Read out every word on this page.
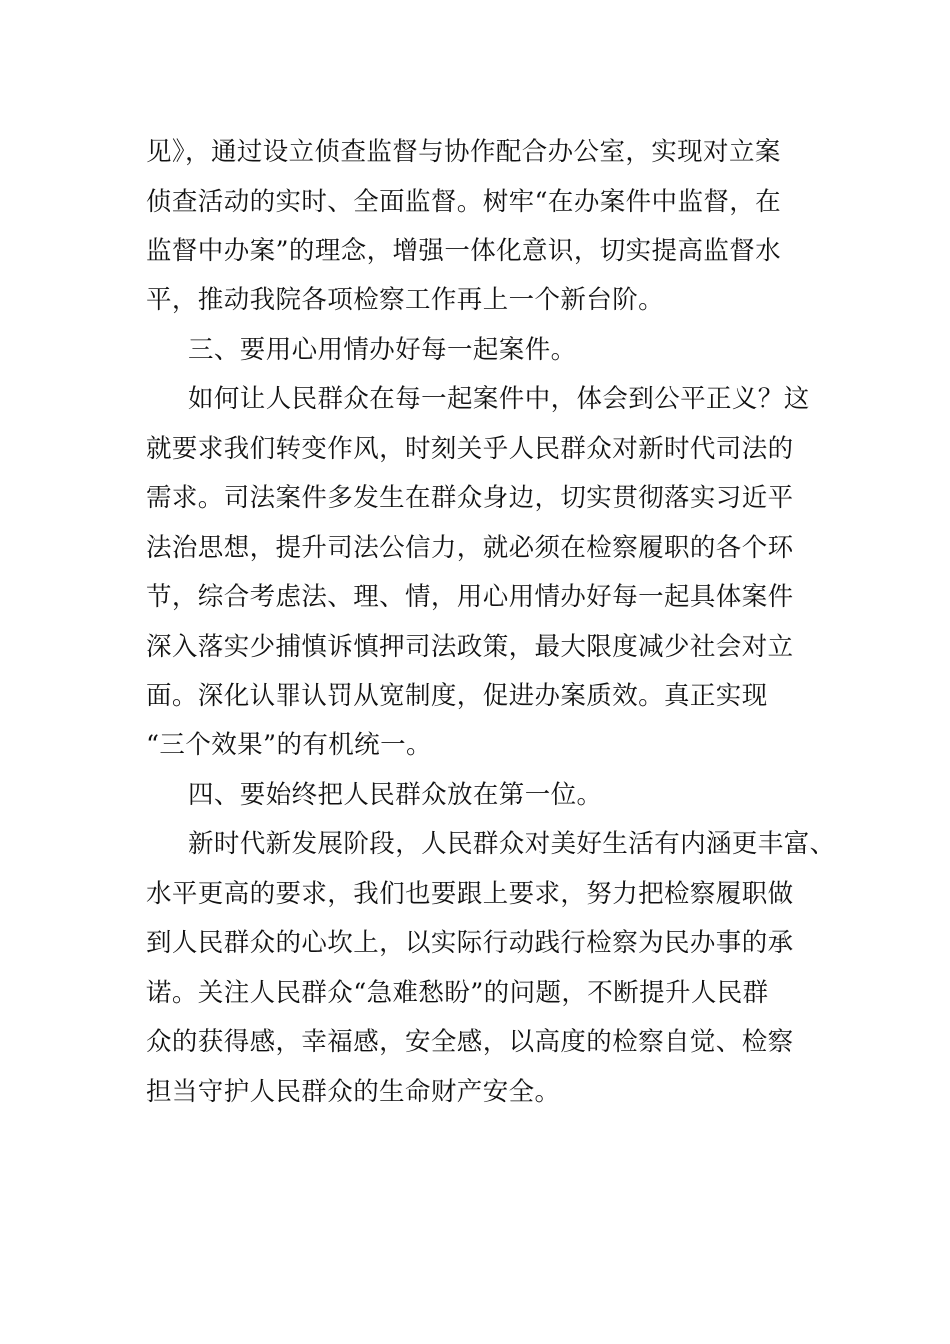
见》，通过设立侦查监督与协作配合办公室，实现对立案
侦查活动的实时、全面监督。树牢“在办案件中监督，在
监督中办案”的理念，增强一体化意识，切实提高监督水
平，推动我院各项检察工作再上一个新台阶。
三、要用心用情办好每一起案件。
如何让人民群众在每一起案件中，体会到公平正义？这
就要求我们转变作风，时刻关乎人民群众对新时代司法的
需求。司法案件多发生在群众身边，切实贯彻落实习近平
法治思想，提升司法公信力，就必须在检察履职的各个环
节，综合考虑法、理、情，用心用情办好每一起具体案件
深入落实少捕慎诉慎押司法政策，最大限度减少社会对立
面。深化认罪认罚从宽制度，促进办案质效。真正实现
“三个效果”的有机统一。
四、要始终把人民群众放在第一位。
新时代新发展阶段，人民群众对美好生活有内涵更丰富、
水平更高的要求，我们也要跟上要求，努力把检察履职做
到人民群众的心坎上，以实际行动践行检察为民办事的承
诺。关注人民群众“急难愁盼”的问题，不断提升人民群
众的获得感，幸福感，安全感，以高度的检察自觉、检察
担当守护人民群众的生命财产安全。
